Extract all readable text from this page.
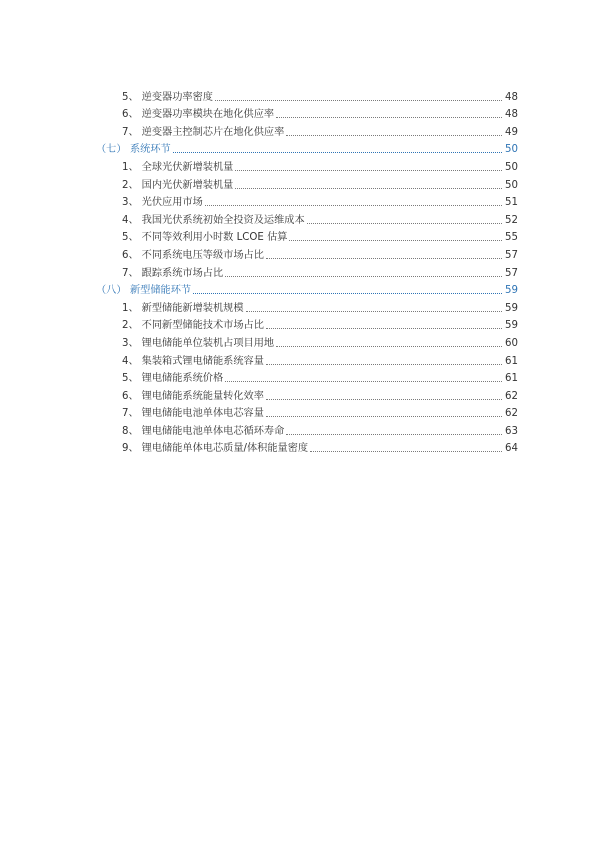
5、 逆变器功率密度	48
6、 逆变器功率模块在地化供应率	48
7、 逆变器主控制芯片在地化供应率	49
（七） 系统环节	50
1、 全球光伏新增装机量	50
2、 国内光伏新增装机量	50
3、 光伏应用市场	51
4、 我国光伏系统初始全投资及运维成本	52
5、 不同等效利用小时数 LCOE 估算	55
6、 不同系统电压等级市场占比	57
7、 跟踪系统市场占比	57
（八） 新型储能环节	59
1、 新型储能新增装机规模	59
2、 不同新型储能技术市场占比	59
3、 锂电储能单位装机占项目用地	60
4、 集装箱式锂电储能系统容量	61
5、 锂电储能系统价格	61
6、 锂电储能系统能量转化效率	62
7、 锂电储能电池单体电芯容量	62
8、 锂电储能电池单体电芯循环寿命	63
9、 锂电储能单体电芯质量/体积能量密度	64
